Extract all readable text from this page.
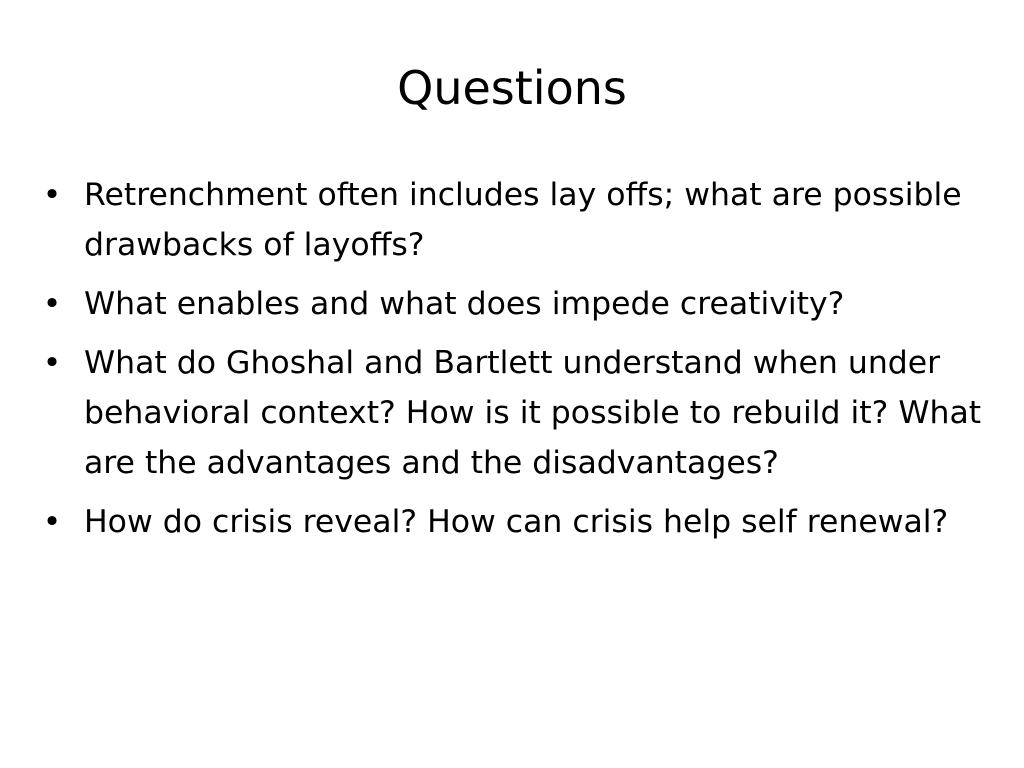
Questions
• Retrenchment often includes lay offs; what are possible drawbacks of layoffs?
• What enables and what does impede creativity?
• What do Ghoshal and Bartlett understand when under behavioral context? How is it possible to rebuild it? What are the advantages and the disadvantages?
• How do crisis reveal? How can crisis help self renewal?
